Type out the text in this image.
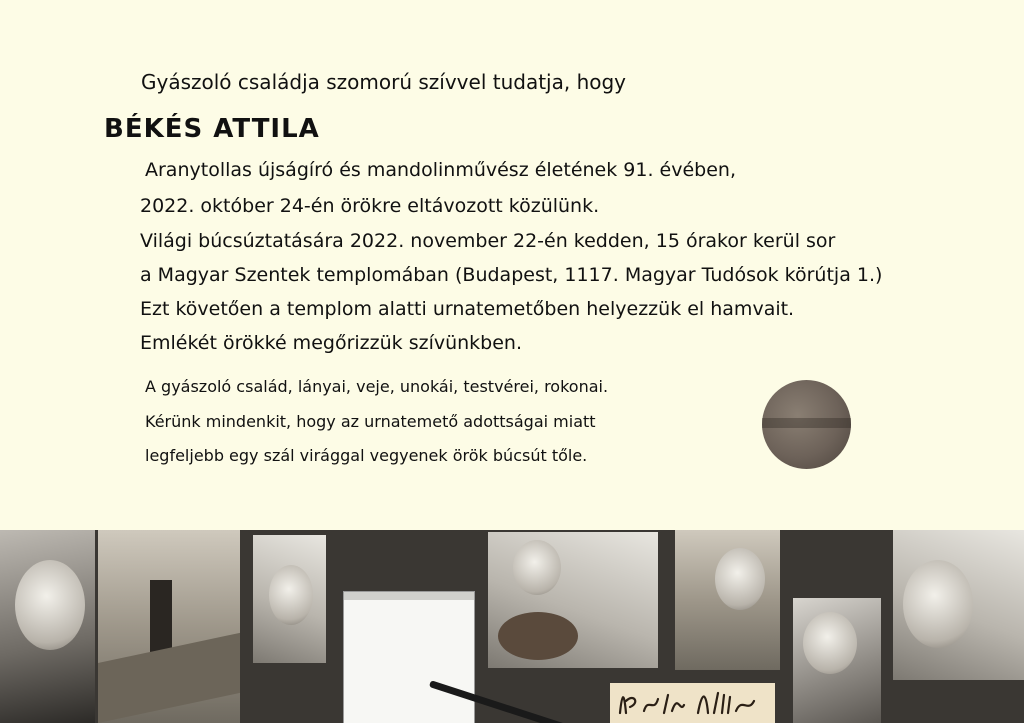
Gyászoló családja szomorú szívvel tudatja, hogy
BÉKÉS ATTILA
Aranytollas újságíró és mandolinművész életének 91. évében,
2022. október 24-én örökre eltávozott közülünk.
Világi búcsúztatására 2022. november 22-én kedden, 15 órakor kerül sor
a Magyar Szentek templomában (Budapest, 1117. Magyar Tudósok körútja 1.)
Ezt követően a templom alatti urnatemetőben helyezzük el hamvait.
Emlékét örökké megőrizzük szívünkben.
A gyászoló család, lányai, veje, unokái, testvérei, rokonai.
Kérünk mindenkit, hogy az urnatemető adottságai miatt
legfeljebb egy szál virággal vegyenek örök búcsút tőle.
